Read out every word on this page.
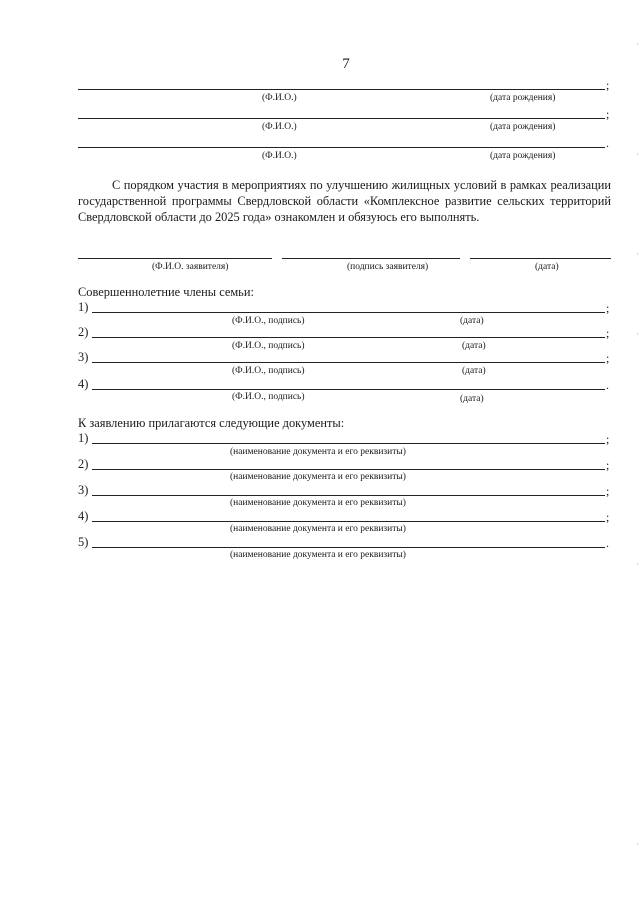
7
;
(Ф.И.О.)	(дата рождения)
;
(Ф.И.О.)	(дата рождения)
.
(Ф.И.О.)	(дата рождения)
С порядком участия в мероприятиях по улучшению жилищных условий в рамках реализации государственной программы Свердловской области «Комплексное развитие сельских территорий Свердловской области до 2025 года» ознакомлен и обязуюсь его выполнять.
(Ф.И.О. заявителя)	(подпись заявителя)	(дата)
Совершеннолетние члены семьи:
1)	;
(Ф.И.О., подпись)	(дата)
2)	;
(Ф.И.О., подпись)	(дата)
3)	;
(Ф.И.О., подпись)	(дата)
4)	.
(Ф.И.О., подпись)	(дата)
К заявлению прилагаются следующие документы:
1)	;
(наименование документа и его реквизиты)
2)	;
(наименование документа и его реквизиты)
3)	;
(наименование документа и его реквизиты)
4)	;
(наименование документа и его реквизиты)
5)	.
(наименование документа и его реквизиты)
·
·
·
·
·
·
